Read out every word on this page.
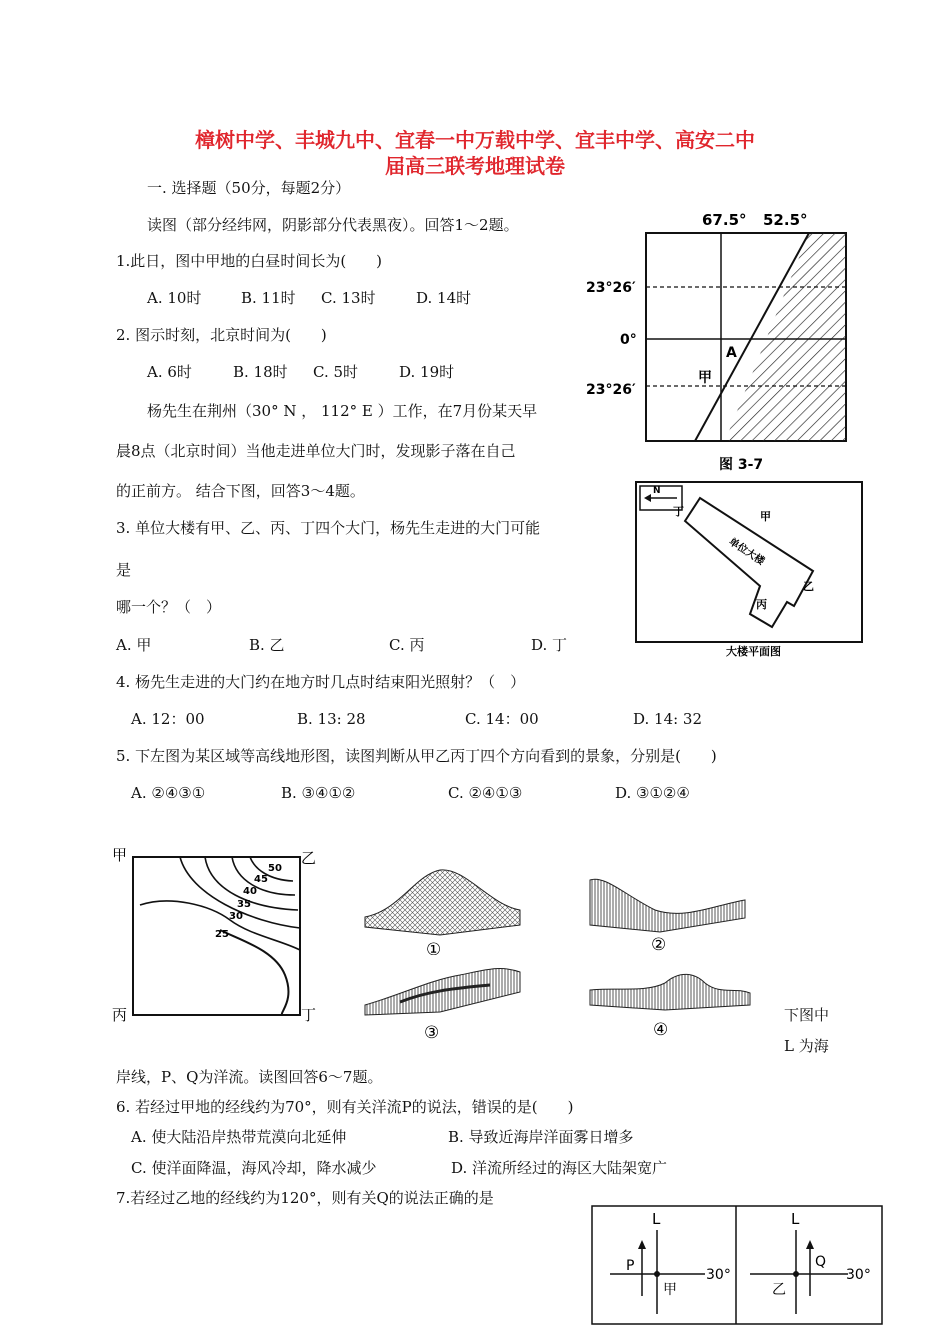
樟树中学、丰城九中、宜春一中万载中学、宜丰中学、高安二中
届高三联考地理试卷
一. 选择题（50分，每题2分）
读图（部分经纬网，阴影部分代表黑夜）。回答1～2题。
1.此日，图中甲地的白昼时间长为(　　)
A. 10时	B. 11时 C. 13时	D. 14时
2. 图示时刻，北京时间为(　　)
A. 6时	B. 18时 C. 5时	D. 19时
杨先生在荆州（30° N ， 112° E ）工作，在7月份某天早
晨8点（北京时间）当他走进单位大门时，发现影子落在自己
的正前方。 结合下图，回答3～4题。
3. 单位大楼有甲、乙、丙、丁四个大门，杨先生走进的大门可能
是
哪一个？（　）
A. 甲	B. 乙	C. 丙	D. 丁
4. 杨先生走进的大门约在地方时几点时结束阳光照射？（　）
A. 12：00	B. 13: 28	C. 14：00	D. 14: 32
5. 下左图为某区域等高线地形图，读图判断从甲乙丙丁四个方向看到的景象，分别是(　　)
A. ②④③①	B. ③④①②	C. ②④①③	D. ③①②④
下图中
L 为海
岸线，P、Q为洋流。读图回答6～7题。
6. 若经过甲地的经线约为70°，则有关洋流P的说法，错误的是(　　)
A. 使大陆沿岸热带荒漠向北延伸	B. 导致近海岸洋面雾日增多
C. 使洋面降温，海风冷却，降水减少	D. 洋流所经过的海区大陆架宽广
7.若经过乙地的经线约为120°，则有关Q的说法正确的是
67.5° 52.5°
23°26′
0°
23°26′
A
甲
图 3-7
N
单位大楼
甲
乙
丙
丁
大楼平面图
50
45
40
35
30
25
甲	乙
丙	丁
①	②
③	④
L
P
甲
30°
L
Q
乙
30°
